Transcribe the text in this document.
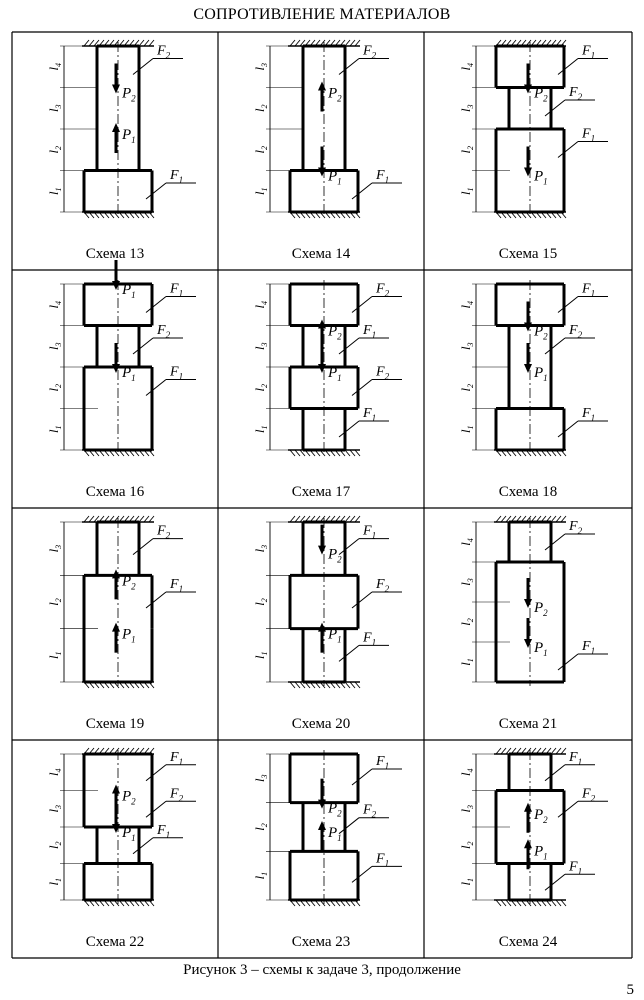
СОПРОТИВЛЕНИЕ МАТЕРИАЛОВ
$F_2$
$F_1$
$l_4$
$l_3$
$l_2$
$l_1$
$P_2$
$P_1$
Схема 13
$F_2$
$F_1$
$l_3$
$l_2$
$l_2$
$l_1$
$P_2$
$P_1$
Схема 14
$F_1$
$F_2$
$F_1$
$l_4$
$l_3$
$l_2$
$l_1$
$P_2$
$P_1$
Схема 15
$F_1$
$F_2$
$F_1$
$l_4$
$l_3$
$l_2$
$l_1$
$P_1$
$P_1$
Схема 16
$F_2$
$F_1$
$F_2$
$F_1$
$l_4$
$l_3$
$l_2$
$l_1$
$P_2$
$P_1$
Схема 17
$F_1$
$F_2$
$F_1$
$l_4$
$l_3$
$l_2$
$l_1$
$P_2$
$P_1$
Схема 18
$F_2$
$F_1$
$l_3$
$l_2$
$l_1$
$P_2$
$P_1$
Схема 19
$F_1$
$F_2$
$F_1$
$l_3$
$l_2$
$l_1$
$P_2$
$P_1$
Схема 20
$F_2$
$F_1$
$l_4$
$l_3$
$l_2$
$l_1$
$P_2$
$P_1$
Схема 21
$F_1$
$F_2$
$F_1$
$l_4$
$l_3$
$l_2$
$l_1$
$P_2$
$P_1$
Схема 22
$F_1$
$F_2$
$F_1$
$l_3$
$l_2$
$l_1$
$P_2$
$P_1$
Схема 23
$F_1$
$F_2$
$F_1$
$l_4$
$l_3$
$l_2$
$l_1$
$P_2$
$P_1$
Схема 24
Рисунок 3 – схемы к задаче 3, продолжение
5
